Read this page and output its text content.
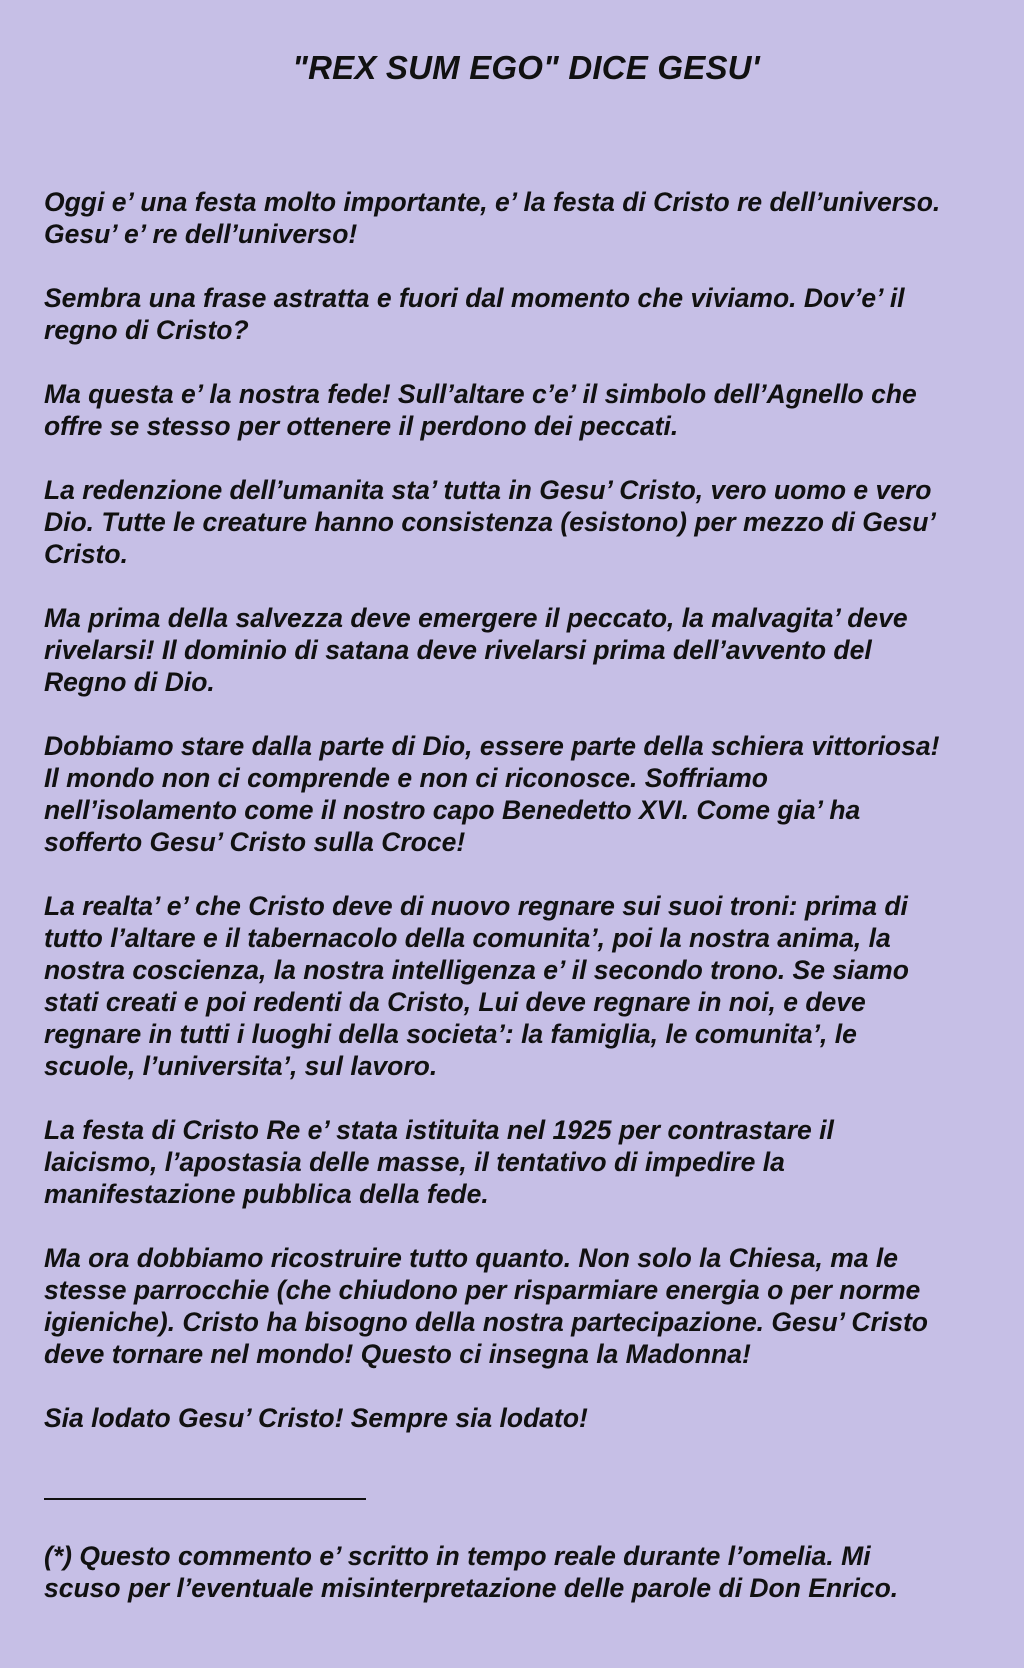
"REX SUM EGO" DICE GESU'

Oggi e’ una festa molto importante, e’ la festa di Cristo re dell’universo.
Gesu’ e’ re dell’universo!

Sembra una frase astratta e fuori dal momento che viviamo. Dov’e’ il
regno di Cristo?

Ma questa e’ la nostra fede! Sull’altare c’e’ il simbolo dell’Agnello che
offre se stesso per ottenere il perdono dei peccati.

La redenzione dell’umanita sta’ tutta in Gesu’ Cristo, vero uomo e vero
Dio. Tutte le creature hanno consistenza (esistono) per mezzo di Gesu’
Cristo.

Ma prima della salvezza deve emergere il peccato, la malvagita’ deve
rivelarsi! Il dominio di satana deve rivelarsi prima dell’avvento del
Regno di Dio.

Dobbiamo stare dalla parte di Dio, essere parte della schiera vittoriosa!
Il mondo non ci comprende e non ci riconosce. Soffriamo
nell’isolamento come il nostro capo Benedetto XVI. Come gia’ ha
sofferto Gesu’ Cristo sulla Croce!

La realta’ e’ che Cristo deve di nuovo regnare sui suoi troni: prima di
tutto l’altare e il tabernacolo della comunita’, poi la nostra anima, la
nostra coscienza, la nostra intelligenza e’ il secondo trono. Se siamo
stati creati e poi redenti da Cristo, Lui deve regnare in noi, e deve
regnare in tutti i luoghi della societa’: la famiglia, le comunita’, le
scuole, l’universita’, sul lavoro.

La festa di Cristo Re e’ stata istituita nel 1925 per contrastare il
laicismo, l’apostasia delle masse, il tentativo di impedire la
manifestazione pubblica della fede.

Ma ora dobbiamo ricostruire tutto quanto. Non solo la Chiesa, ma le
stesse parrocchie (che chiudono per risparmiare energia o per norme
igieniche). Cristo ha bisogno della nostra partecipazione. Gesu’ Cristo
deve tornare nel mondo! Questo ci insegna la Madonna!

Sia lodato Gesu’ Cristo! Sempre sia lodato!

(*) Questo commento e’ scritto in tempo reale durante l’omelia. Mi
scuso per l’eventuale misinterpretazione delle parole di Don Enrico.
